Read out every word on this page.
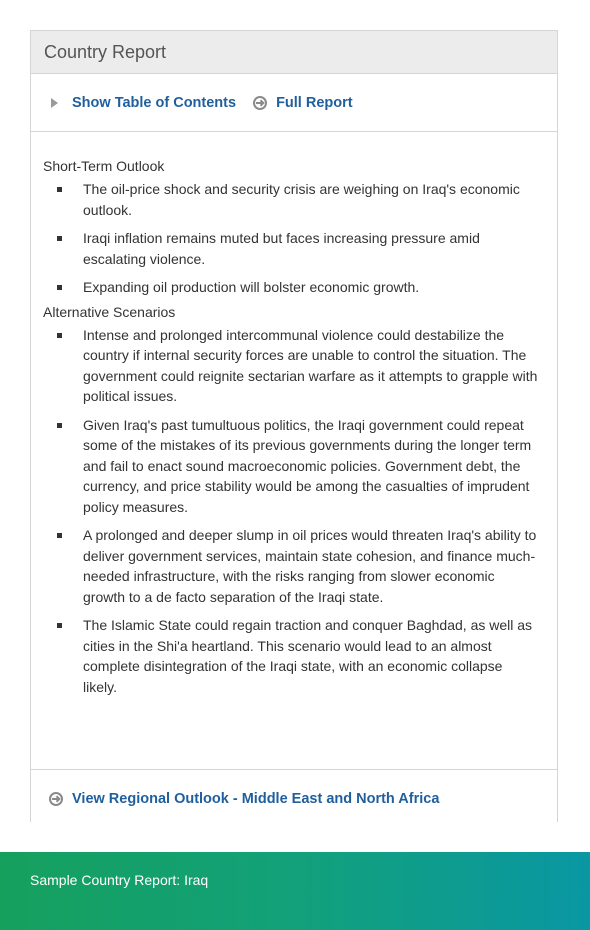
Country Report
Show Table of Contents	Full Report

Short-Term Outlook

The oil-price shock and security crisis are weighing on Iraq's economic outlook.
Iraqi inflation remains muted but faces increasing pressure amid escalating violence.
Expanding oil production will bolster economic growth.

Alternative Scenarios

Intense and prolonged intercommunal violence could destabilize the country if internal security forces are unable to control the situation. The government could reignite sectarian warfare as it attempts to grapple with political issues.
Given Iraq's past tumultuous politics, the Iraqi government could repeat some of the mistakes of its previous governments during the longer term and fail to enact sound macroeconomic policies. Government debt, the currency, and price stability would be among the casualties of imprudent policy measures.
A prolonged and deeper slump in oil prices would threaten Iraq's ability to deliver government services, maintain state cohesion, and finance much-needed infrastructure, with the risks ranging from slower economic growth to a de facto separation of the Iraqi state.
The Islamic State could regain traction and conquer Baghdad, as well as cities in the Shi'a heartland. This scenario would lead to an almost complete disintegration of the Iraqi state, with an economic collapse likely.
View Regional Outlook - Middle East and North Africa
Sample Country Report: Iraq
